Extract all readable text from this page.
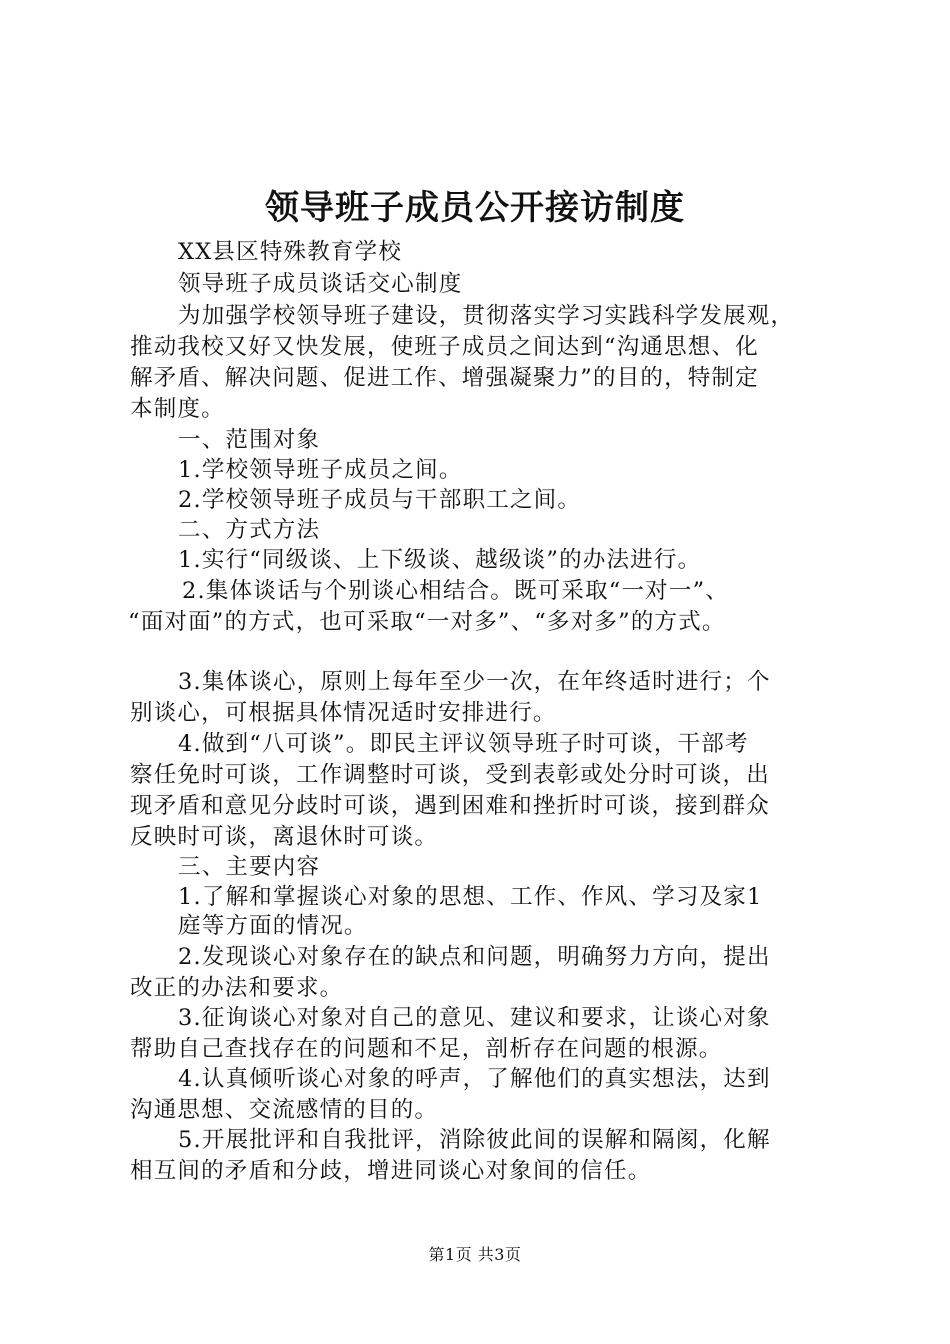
领导班子成员公开接访制度
XX县区特殊教育学校
领导班子成员谈话交心制度
为加强学校领导班子建设，贯彻落实学习实践科学发展观，
推动我校又好又快发展，使班子成员之间达到“沟通思想、化
解矛盾、解决问题、促进工作、增强凝聚力”的目的，特制定
本制度。
一、范围对象
1.学校领导班子成员之间。
2.学校领导班子成员与干部职工之间。
二、方式方法
1.实行“同级谈、上下级谈、越级谈”的办法进行。
2.集体谈话与个别谈心相结合。既可采取“一对一”、
“面对面”的方式，也可采取“一对多”、“多对多”的方式。
3.集体谈心，原则上每年至少一次，在年终适时进行；个
别谈心，可根据具体情况适时安排进行。
4.做到“八可谈”。即民主评议领导班子时可谈，干部考
察任免时可谈，工作调整时可谈，受到表彰或处分时可谈，出
现矛盾和意见分歧时可谈，遇到困难和挫折时可谈，接到群众
反映时可谈，离退休时可谈。
三、主要内容
1.了解和掌握谈心对象的思想、工作、作风、学习及家1
庭等方面的情况。
2.发现谈心对象存在的缺点和问题，明确努力方向，提出
改正的办法和要求。
3.征询谈心对象对自己的意见、建议和要求，让谈心对象
帮助自己查找存在的问题和不足，剖析存在问题的根源。
4.认真倾听谈心对象的呼声，了解他们的真实想法，达到
沟通思想、交流感情的目的。
5.开展批评和自我批评，消除彼此间的误解和隔阂，化解
相互间的矛盾和分歧，增进同谈心对象间的信任。
第1页 共3页
